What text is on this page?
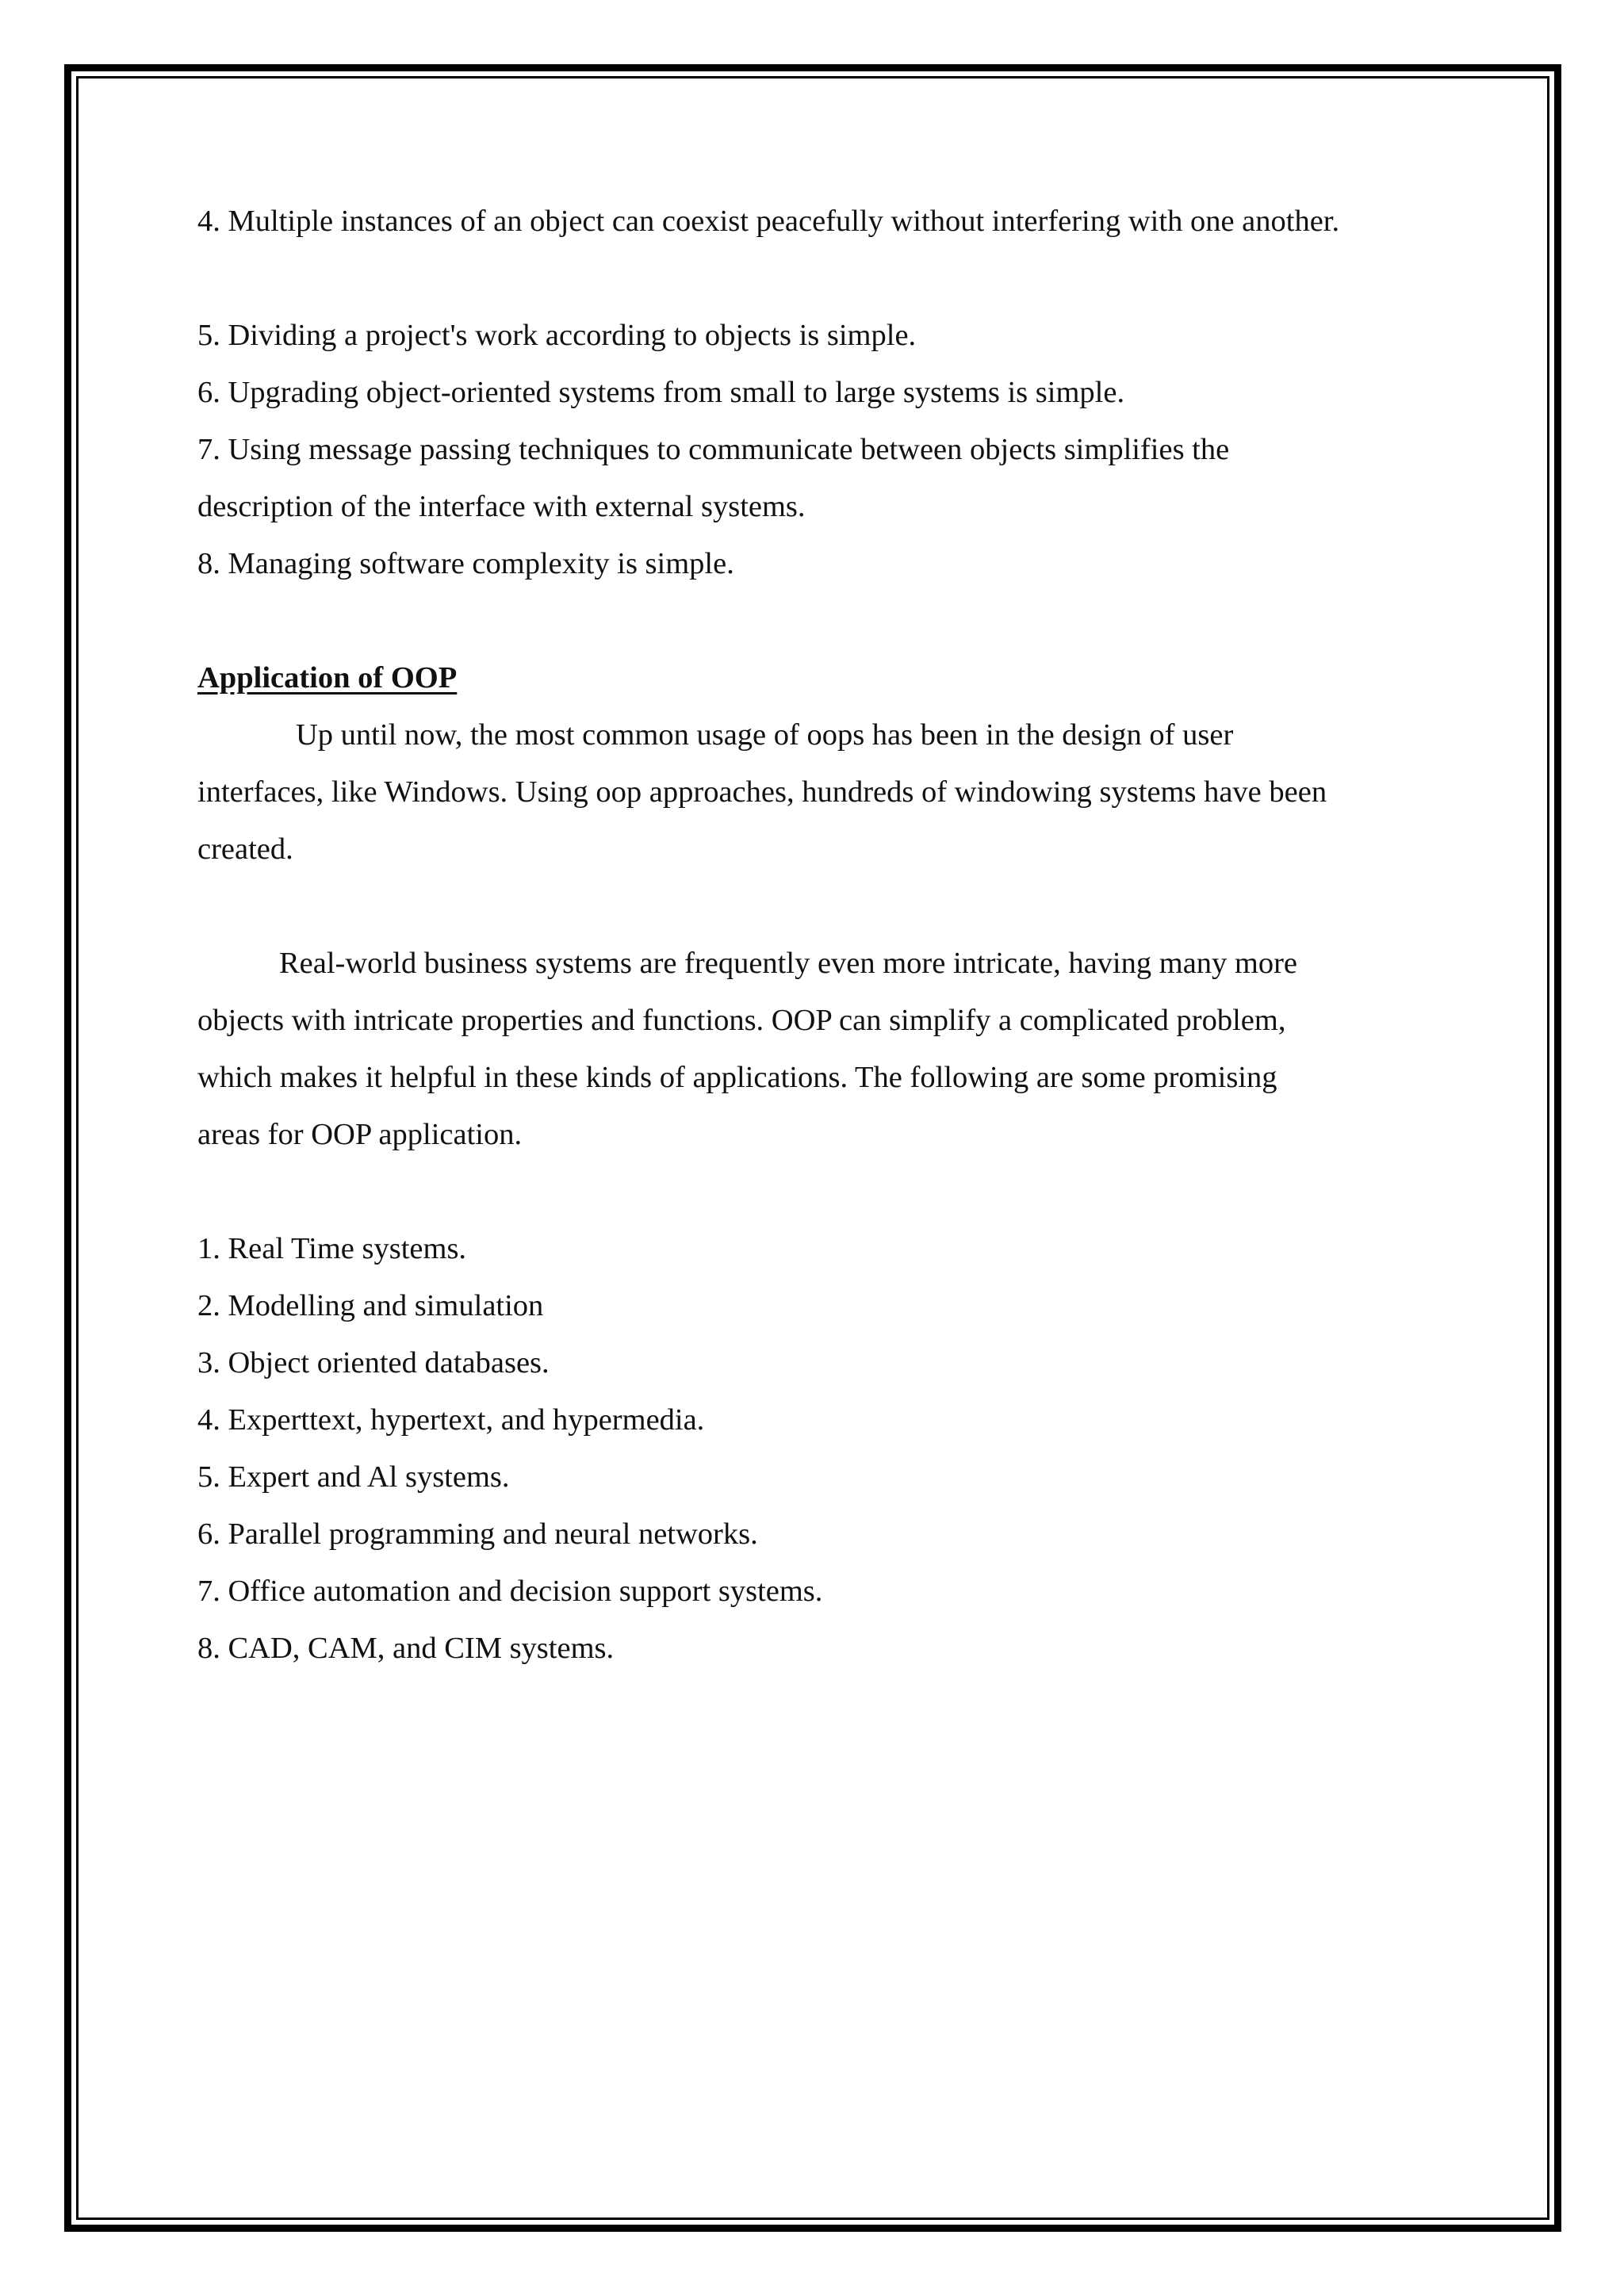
4. Multiple instances of an object can coexist peacefully without interfering with one another.

5. Dividing a project's work according to objects is simple.

6. Upgrading object-oriented systems from small to large systems is simple.

7. Using message passing techniques to communicate between objects simplifies the

description of the interface with external systems.

8. Managing software complexity is simple.

Application of OOP

Up until now, the most common usage of oops has been in the design of user

interfaces, like Windows. Using oop approaches, hundreds of windowing systems have been

created.

Real-world business systems are frequently even more intricate, having many more

objects with intricate properties and functions. OOP can simplify a complicated problem,

which makes it helpful in these kinds of applications. The following are some promising

areas for OOP application.

1. Real Time systems.

2. Modelling and simulation

3. Object oriented databases.

4. Experttext, hypertext, and hypermedia.

5. Expert and Al systems.

6. Parallel programming and neural networks.

7. Office automation and decision support systems.

8. CAD, CAM, and CIM systems.
